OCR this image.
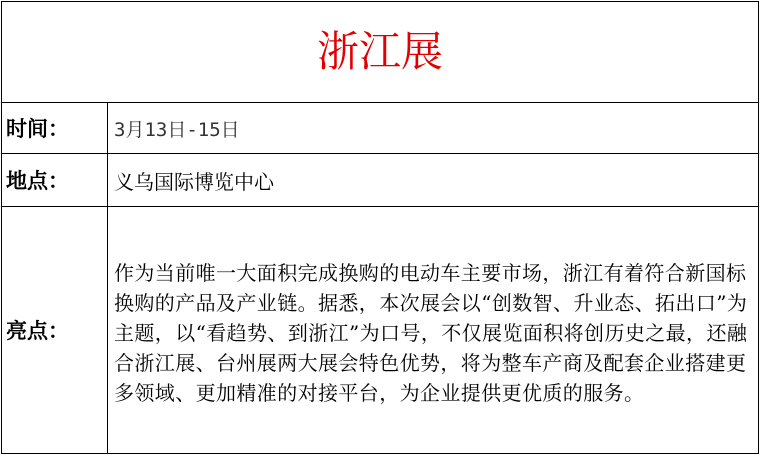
浙江展	
时间：	3月13日-15日
地点：	义乌国际博览中心
亮点：	作为当前唯一大面积完成换购的电动车主要市场，浙江有着符合新国标换购的产品及产业链。据悉，本次展会以“创数智、升业态、拓出口”为主题，以“看趋势、到浙江”为口号，不仅展览面积将创历史之最，还融合浙江展、台州展两大展会特色优势，将为整车产商及配套企业搭建更多领域、更加精准的对接平台，为企业提供更优质的服务。
